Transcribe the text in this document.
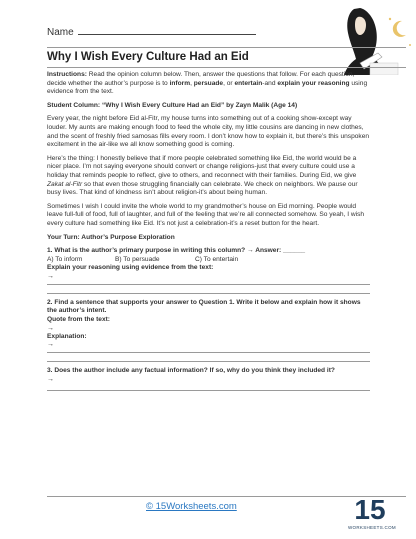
Name
Why I Wish Every Culture Had an Eid

Instructions: Read the opinion column below. Then, answer the questions that follow. For each question, decide whether the author’s purpose is to inform, persuade, or entertain-and explain your reasoning using evidence from the text.

Student Column: “Why I Wish Every Culture Had an Eid” by Zayn Malik (Age 14)

Every year, the night before Eid al-Fitr, my house turns into something out of a cooking show-except way louder. My aunts are making enough food to feed the whole city, my little cousins are dancing in new clothes, and the scent of freshly fried samosas fills every room. I don’t know how to explain it, but there’s this unspoken excitement in the air-like we all know something good is coming.

Here’s the thing: I honestly believe that if more people celebrated something like Eid, the world would be a nicer place. I’m not saying everyone should convert or change religions-just that every culture could use a holiday that reminds people to reflect, give to others, and reconnect with their families. During Eid, we give Zakat al-Fitr so that even those struggling financially can celebrate. We check on neighbors. We pause our busy lives. That kind of kindness isn’t about religion-it’s about being human.

Sometimes I wish I could invite the whole world to my grandmother’s house on Eid morning. People would leave full-full of food, full of laughter, and full of the feeling that we’re all connected somehow. So yeah, I wish every culture had something like Eid. It’s not just a celebration-it’s a reset button for the heart.

Your Turn: Author’s Purpose Exploration
1. What is the author’s primary purpose in writing this column? → Answer: ______
A) To inform	B) To persuade	C) To entertain
Explain your reasoning using evidence from the text:
→
2. Find a sentence that supports your answer to Question 1. Write it below and explain how it shows the author’s intent.
Quote from the text:
→
Explanation:
→
3. Does the author include any factual information? If so, why do you think they included it?
→
© 15Worksheets.com	15
WORKSHEETS.COM
